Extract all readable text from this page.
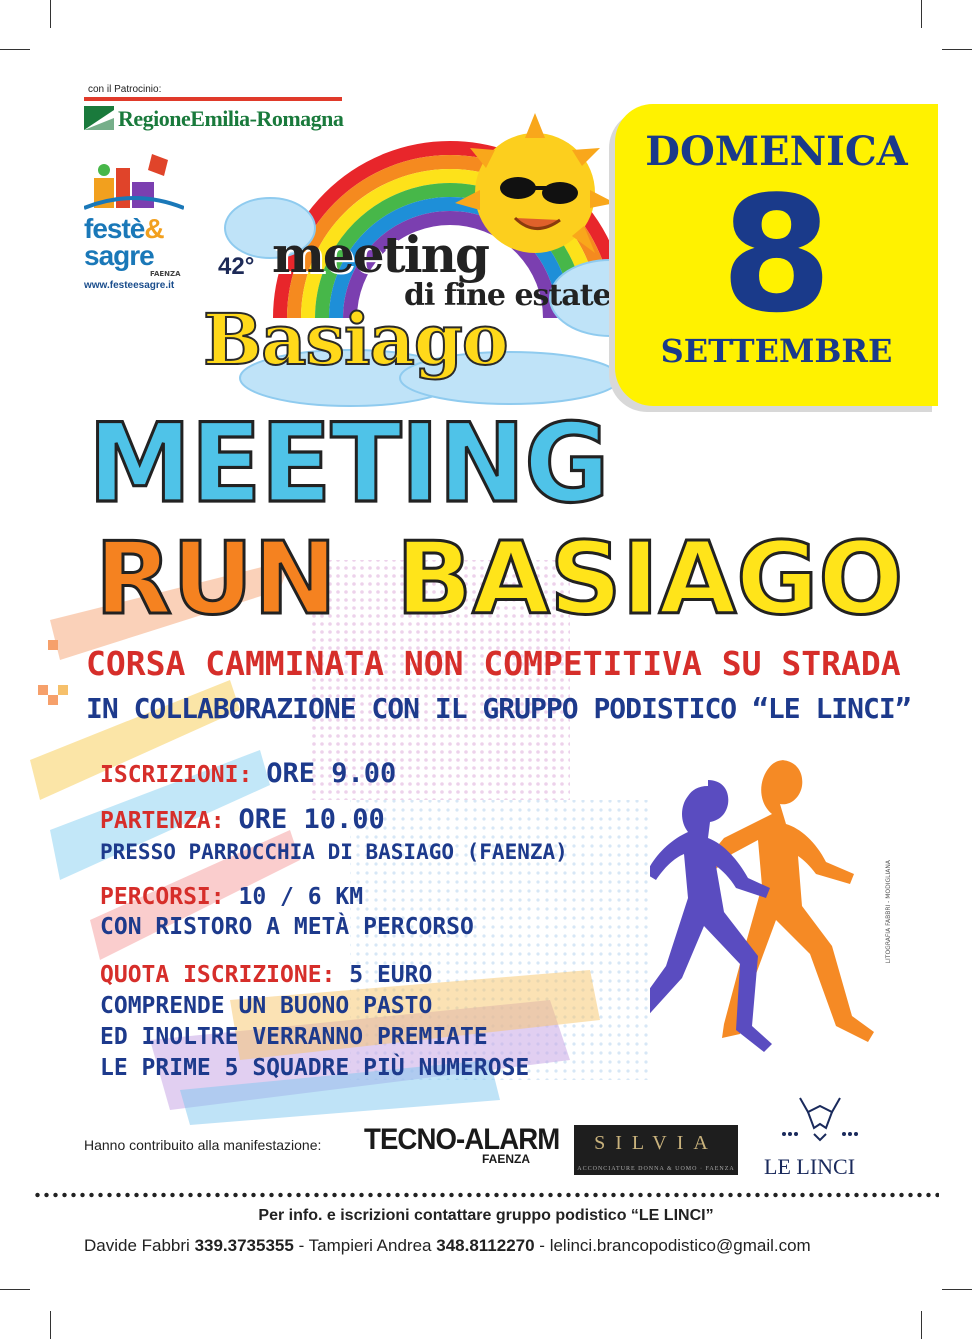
con il Patrocinio:
RegioneEmilia-Romagna
festè&
sagre
FAENZA
www.festeesagre.it
42° meeting
di fine estate
Basiago
DOMENICA
8
SETTEMBRE
MEETING
RUN BASIAGO
CORSA CAMMINATA NON COMPETITIVA SU STRADA
IN COLLABORAZIONE CON IL GRUPPO PODISTICO “LE LINCI”
ISCRIZIONI: ORE 9.00
PARTENZA: ORE 10.00
PRESSO PARROCCHIA DI BASIAGO (FAENZA)
PERCORSI: 10 / 6 KM
CON RISTORO A METÀ PERCORSO
QUOTA ISCRIZIONE: 5 EURO
COMPRENDE UN BUONO PASTO
ED INOLTRE VERRANNO PREMIATE
LE PRIME 5 SQUADRE PIÙ NUMEROSE
LITOGRAFIA FABBRI - MODIGLIANA
Hanno contribuito alla manifestazione: TECNO-ALARM
FAENZA
SILVIA
ACCONCIATURE DONNA & UOMO · FAENZA LE LINCI
Per info. e iscrizioni contattare gruppo podistico “LE LINCI”
Davide Fabbri 339.3735355 - Tampieri Andrea 348.8112270 - lelinci.brancopodistico@gmail.com
